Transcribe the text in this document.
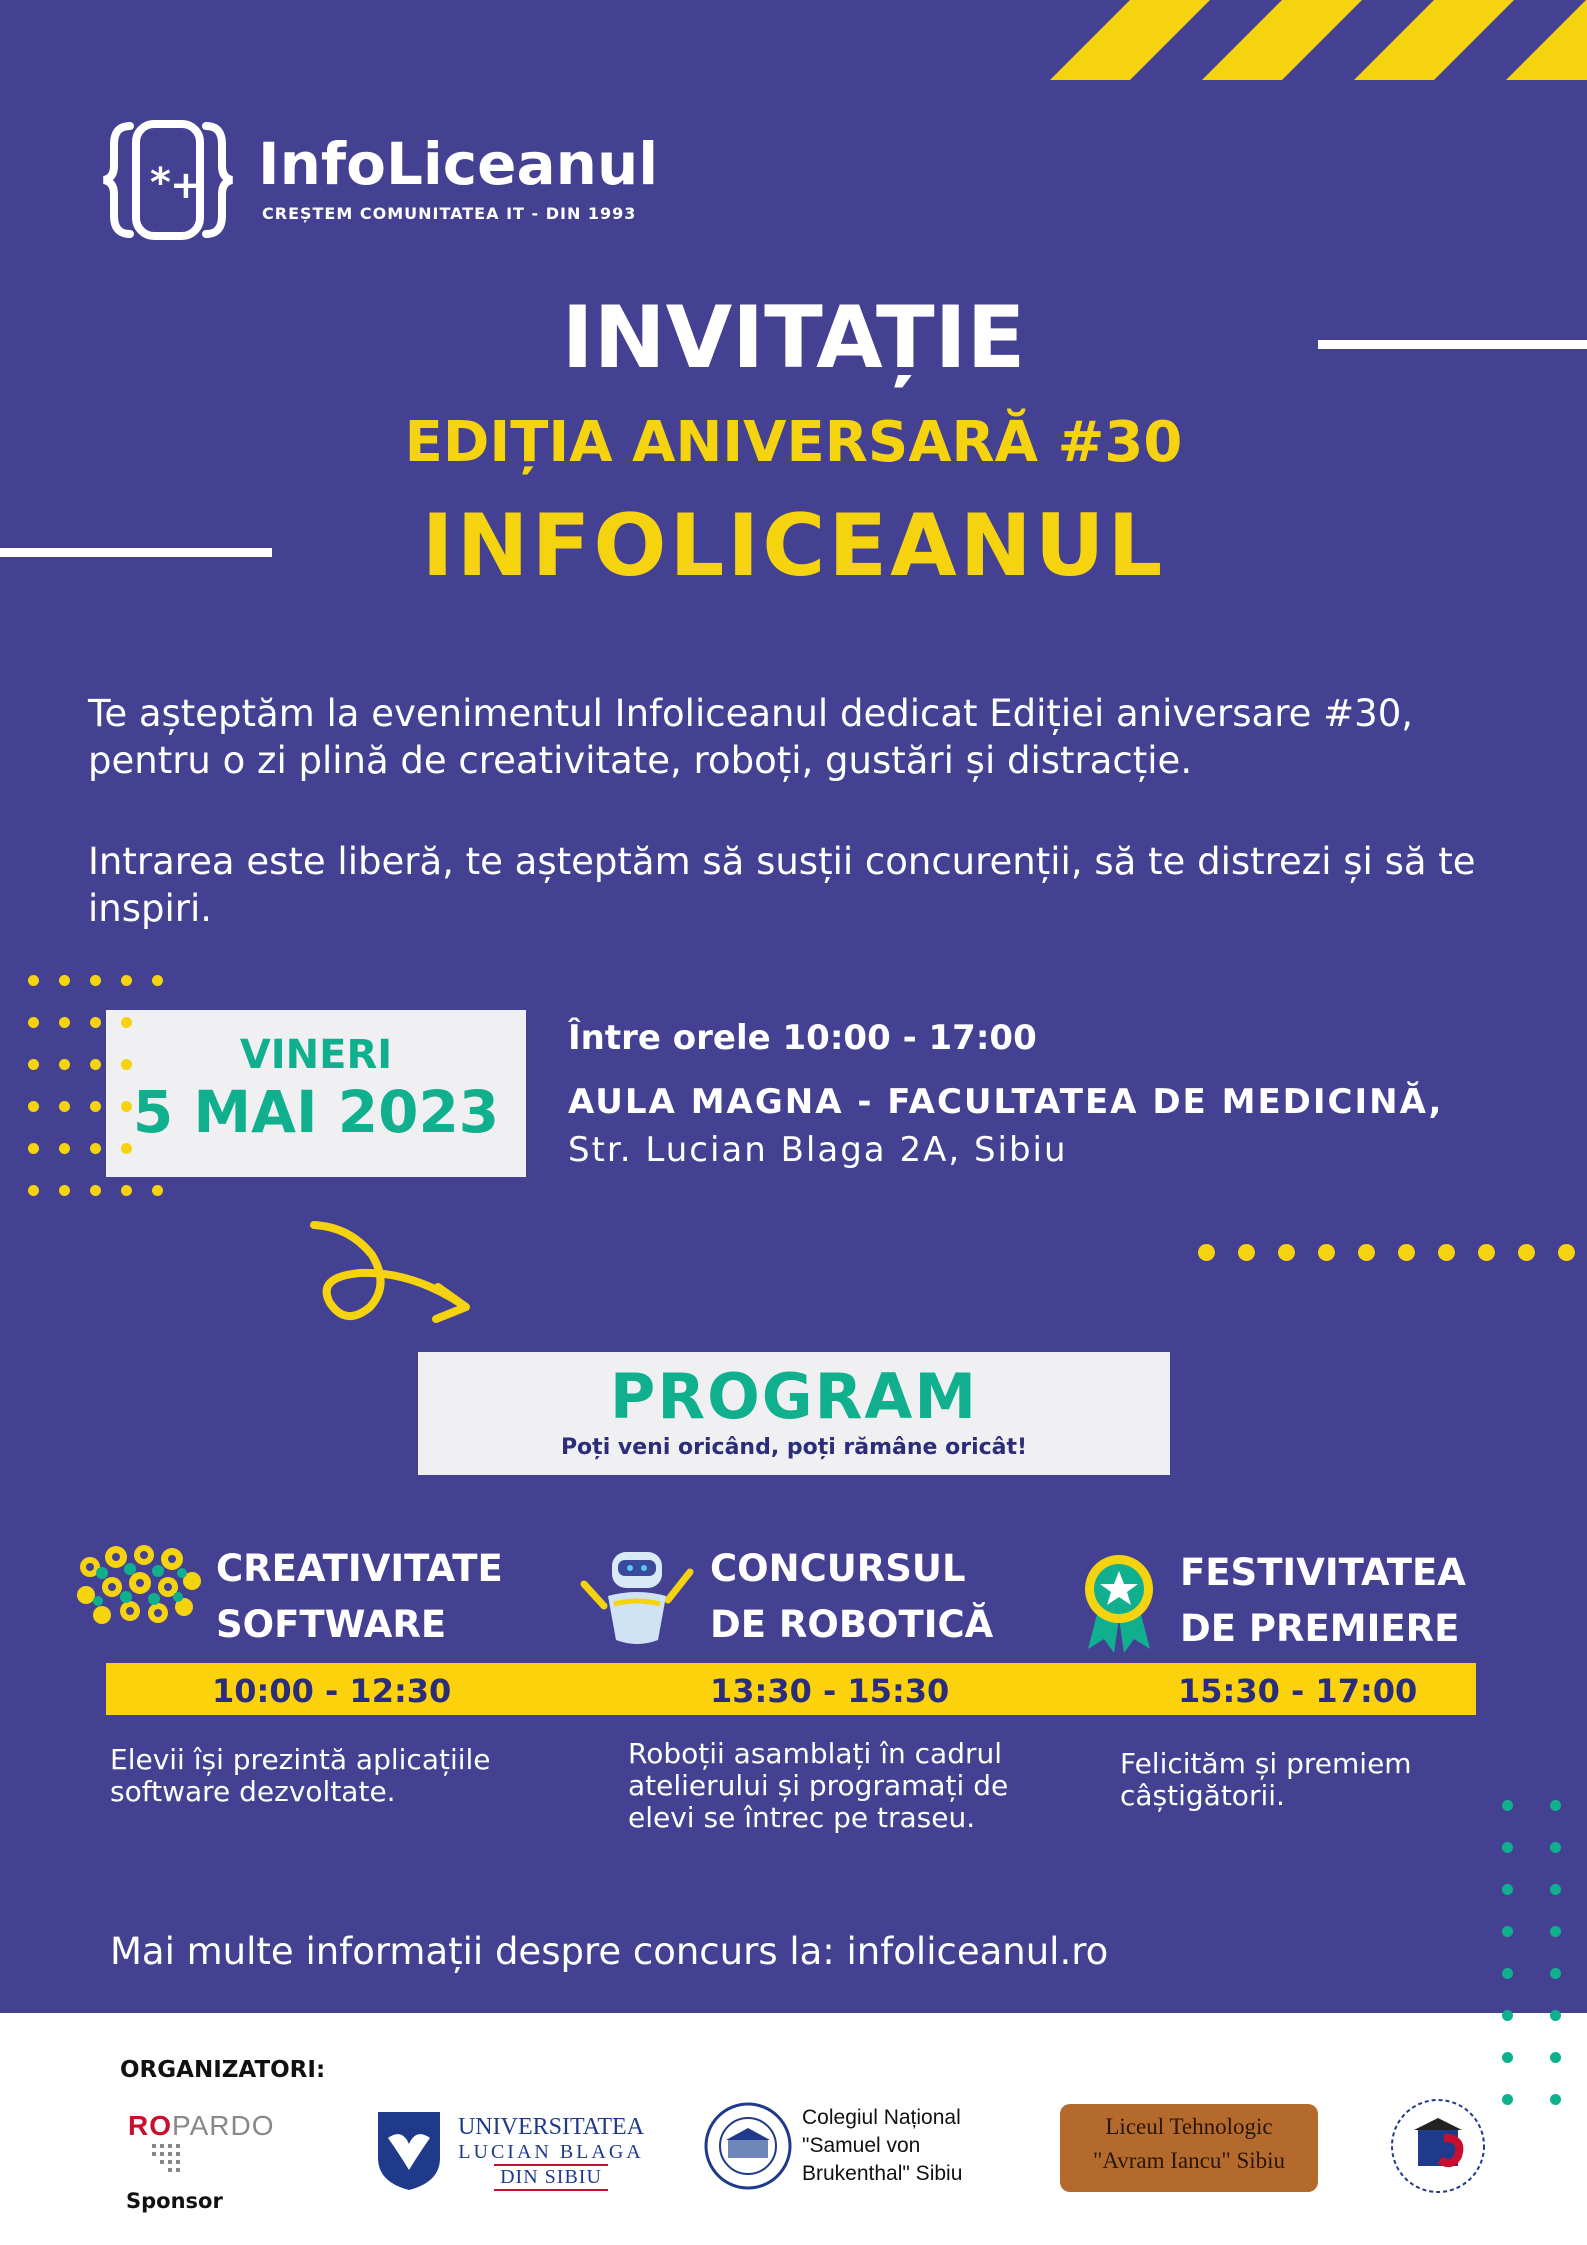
* + InfoLiceanul
CREȘTEM COMUNITATEA IT - DIN 1993
INVITAȚIE
EDIȚIA ANIVERSARĂ #30
INFOLICEANUL
Te așteptăm la evenimentul Infoliceanul dedicat Ediției aniversare #30, pentru o zi plină de creativitate, roboți, gustări și distracție.
Intrarea este liberă, te așteptăm să susții concurenții, să te distrezi și să te inspiri.
VINERI
5 MAI 2023
Între orele 10:00 - 17:00
AULA MAGNA - FACULTATEA DE MEDICINĂ,
Str. Lucian Blaga 2A, Sibiu
PROGRAM
Poți veni oricând, poți rămâne oricât!
CREATIVITATE
SOFTWARE
CONCURSUL
DE ROBOTICĂ
FESTIVITATEA
DE PREMIERE
10:00 - 12:30	13:30 - 15:30	15:30 - 17:00
Elevii își prezintă aplicațiile
software dezvoltate.
Roboții asamblați în cadrul
atelierului și programați de
elevi se întrec pe traseu.
Felicităm și premiem
câștigătorii.
Mai multe informații despre concurs la: infoliceanul.ro
ORGANIZATORI:
ROPARDO
Sponsor
UNIVERSITATEA
LUCIAN BLAGA
DIN SIBIU
Colegiul Național
"Samuel von
Brukenthal" Sibiu
Liceul Tehnologic
"Avram Iancu" Sibiu
